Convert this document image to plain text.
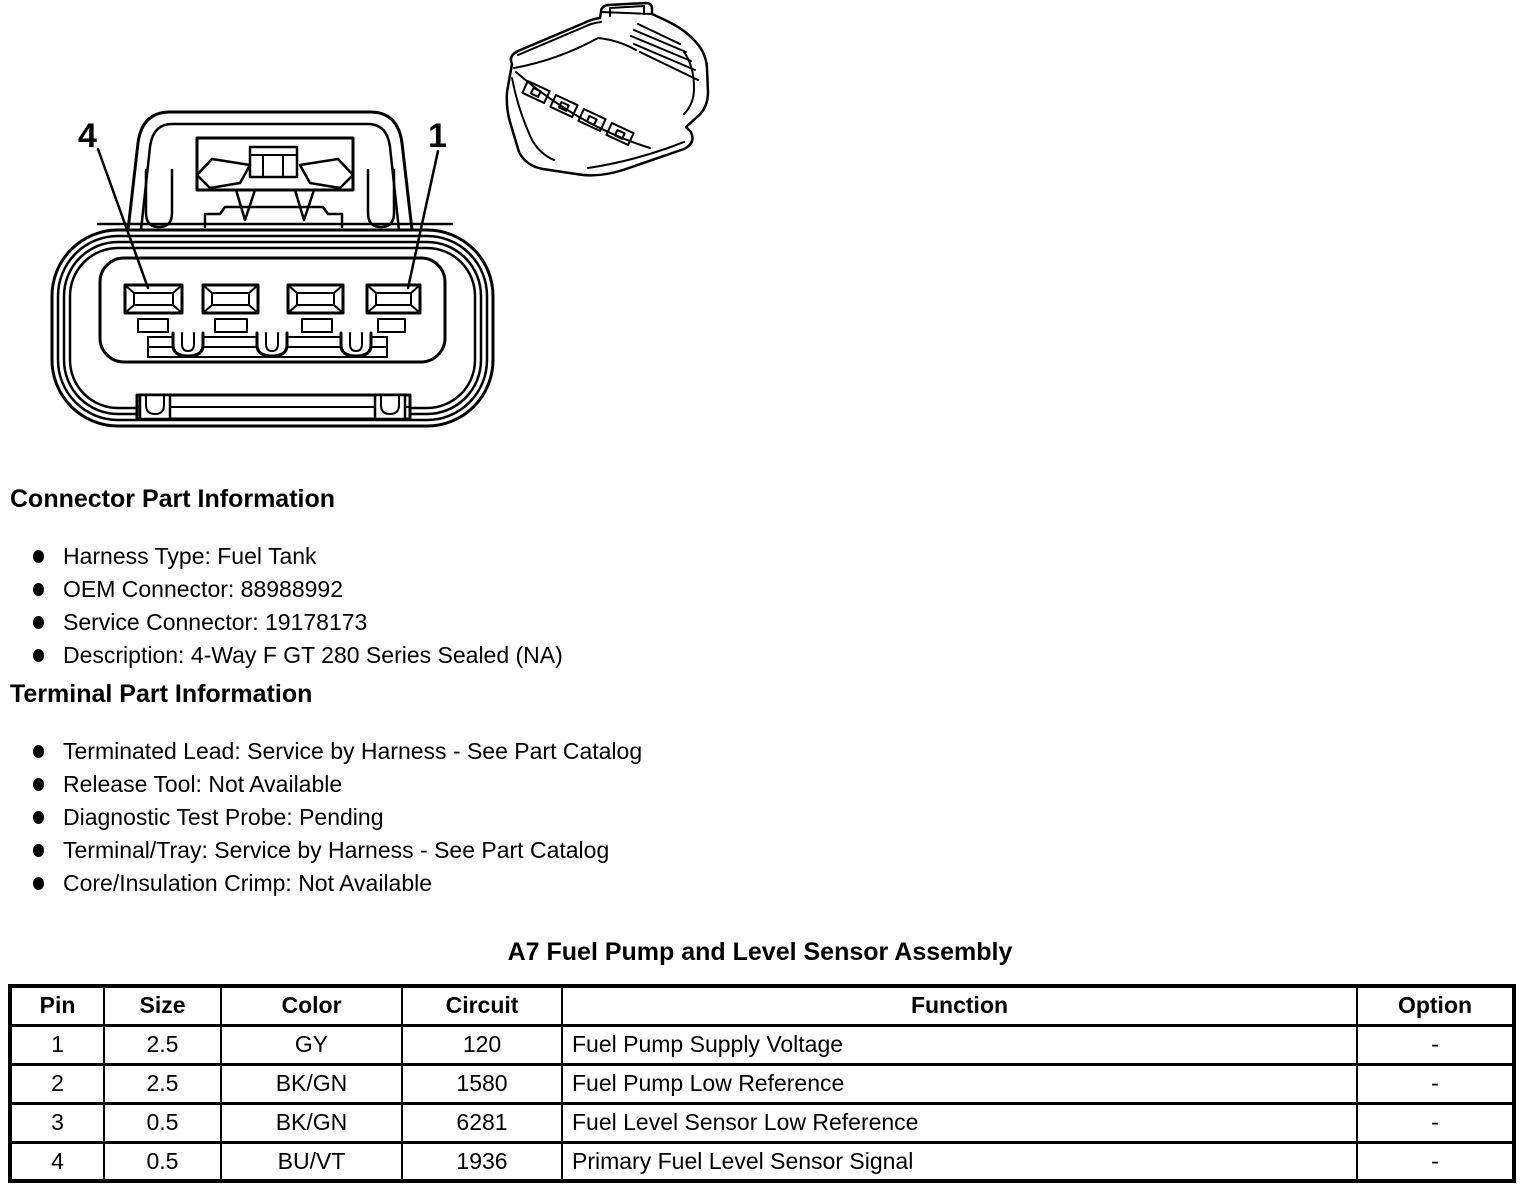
4	1
Connector Part Information
Harness Type: Fuel Tank
OEM Connector: 88988992
Service Connector: 19178173
Description: 4-Way F GT 280 Series Sealed (NA)
Terminal Part Information
Terminated Lead: Service by Harness - See Part Catalog
Release Tool: Not Available
Diagnostic Test Probe: Pending
Terminal/Tray: Service by Harness - See Part Catalog
Core/Insulation Crimp: Not Available
A7 Fuel Pump and Level Sensor Assembly
Pin	Size	Color	Circuit	Function	Option
1	2.5	GY	120	Fuel Pump Supply Voltage	-
2	2.5	BK/GN	1580	Fuel Pump Low Reference	-
3	0.5	BK/GN	6281	Fuel Level Sensor Low Reference	-
4	0.5	BU/VT	1936	Primary Fuel Level Sensor Signal	-
